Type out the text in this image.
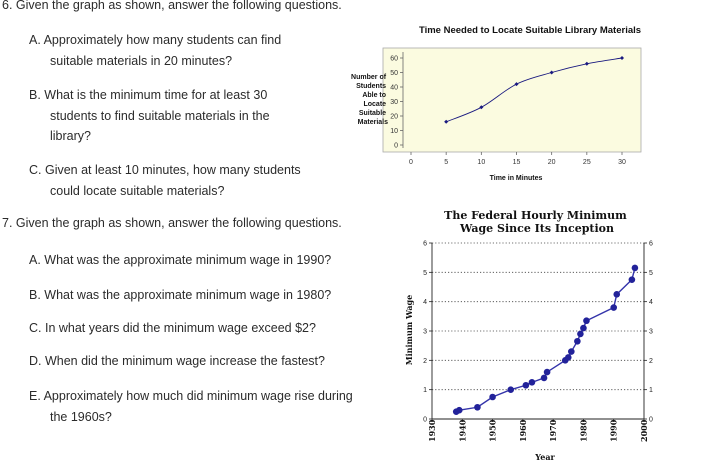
6. Given the graph as shown, answer the following questions.
A. Approximately how many students can find
suitable materials in 20 minutes?
B. What is the minimum time for at least 30
students to find suitable materials in the
library?
C. Given at least 10 minutes, how many students
could locate suitable materials?
7. Given the graph as shown, answer the following questions.
A. What was the approximate minimum wage in 1990?
B. What was the approximate minimum wage in 1980?
C. In what years did the minimum wage exceed $2?
D. When did the minimum wage increase the fastest?
E. Approximately how much did minimum wage rise during
the 1960s?
Time Needed to Locate Suitable Library Materials
0
10
20
30
40
50
60
0	5	10	15	20	25	30
Time in Minutes
Number of Students Able to Locate Suitable Materials
The Federal Hourly Minimum Wage Since Its Inception
0	0
1	1
2	2
3	3
4	4
5	5
6	6
1930	1940	1950	1960	1970	1980	1990	2000
Year
Minimum Wage
